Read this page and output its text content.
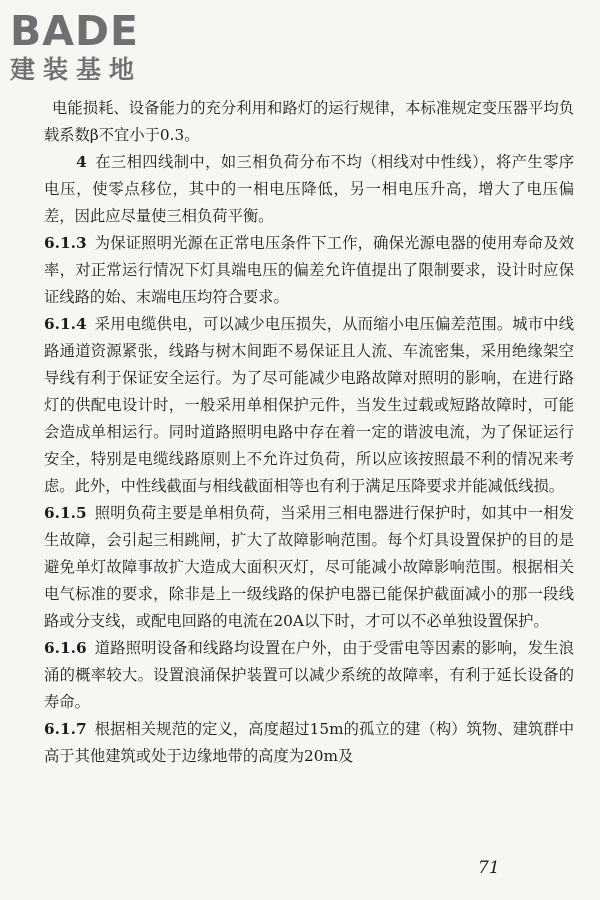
BADE
建装基地

电能损耗、设备能力的充分利用和路灯的运行规律，本标准规定变压器平均负载系数β不宜小于0.3。

4 在三相四线制中，如三相负荷分布不均（相线对中性线），将产生零序电压，使零点移位，其中的一相电压降低，另一相电压升高，增大了电压偏差，因此应尽量使三相负荷平衡。

6.1.3 为保证照明光源在正常电压条件下工作，确保光源电器的使用寿命及效率，对正常运行情况下灯具端电压的偏差允许值提出了限制要求，设计时应保证线路的始、末端电压均符合要求。

6.1.4 采用电缆供电，可以减少电压损失，从而缩小电压偏差范围。城市中线路通道资源紧张，线路与树木间距不易保证且人流、车流密集，采用绝缘架空导线有利于保证安全运行。为了尽可能减少电路故障对照明的影响，在进行路灯的供配电设计时，一般采用单相保护元件，当发生过载或短路故障时，可能会造成单相运行。同时道路照明电路中存在着一定的谐波电流，为了保证运行安全，特别是电缆线路原则上不允许过负荷，所以应该按照最不利的情况来考虑。此外，中性线截面与相线截面相等也有利于满足压降要求并能减低线损。

6.1.5 照明负荷主要是单相负荷，当采用三相电器进行保护时，如其中一相发生故障，会引起三相跳闸，扩大了故障影响范围。每个灯具设置保护的目的是避免单灯故障事故扩大造成大面积灭灯，尽可能减小故障影响范围。根据相关电气标准的要求，除非是上一级线路的保护电器已能保护截面减小的那一段线路或分支线，或配电回路的电流在20A以下时，才可以不必单独设置保护。

6.1.6 道路照明设备和线路均设置在户外，由于受雷电等因素的影响，发生浪涌的概率较大。设置浪涌保护装置可以减少系统的故障率，有利于延长设备的寿命。

6.1.7 根据相关规范的定义，高度超过15m的孤立的建（构）筑物、建筑群中高于其他建筑或处于边缘地带的高度为20m及

71
